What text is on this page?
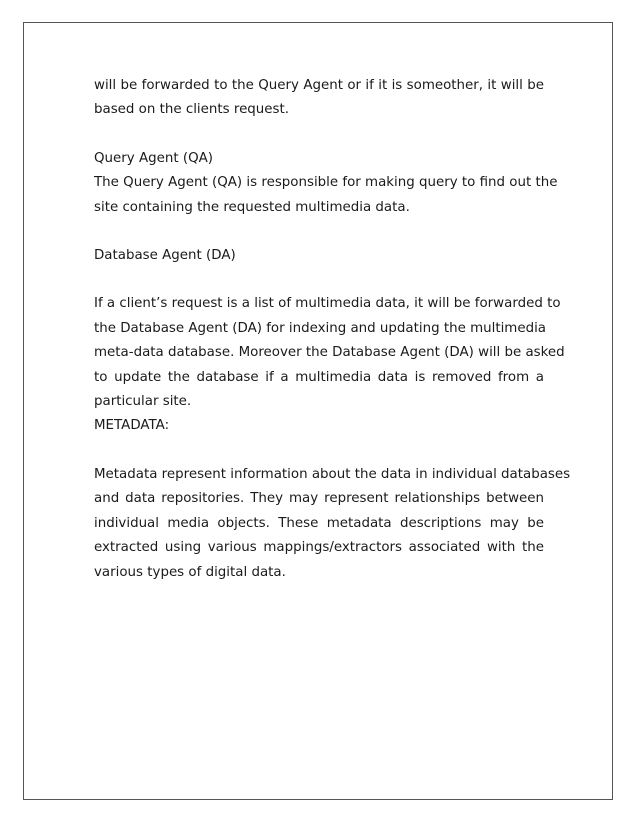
will be forwarded to the Query Agent or if it is someother, it will be
based on the clients request.

Query Agent (QA)
The Query Agent (QA) is responsible for making query to find out the
site containing the requested multimedia data.

Database Agent (DA)

If a client’s request is a list of multimedia data, it will be forwarded to
the Database Agent (DA) for indexing and updating the multimedia
meta-data database. Moreover the Database Agent (DA) will be asked
to update the database if a multimedia data is removed from a
particular site.
METADATA:

Metadata represent information about the data in individual databases
and data repositories. They may represent relationships between
individual media objects. These metadata descriptions may be
extracted using various mappings/extractors associated with the
various types of digital data.
